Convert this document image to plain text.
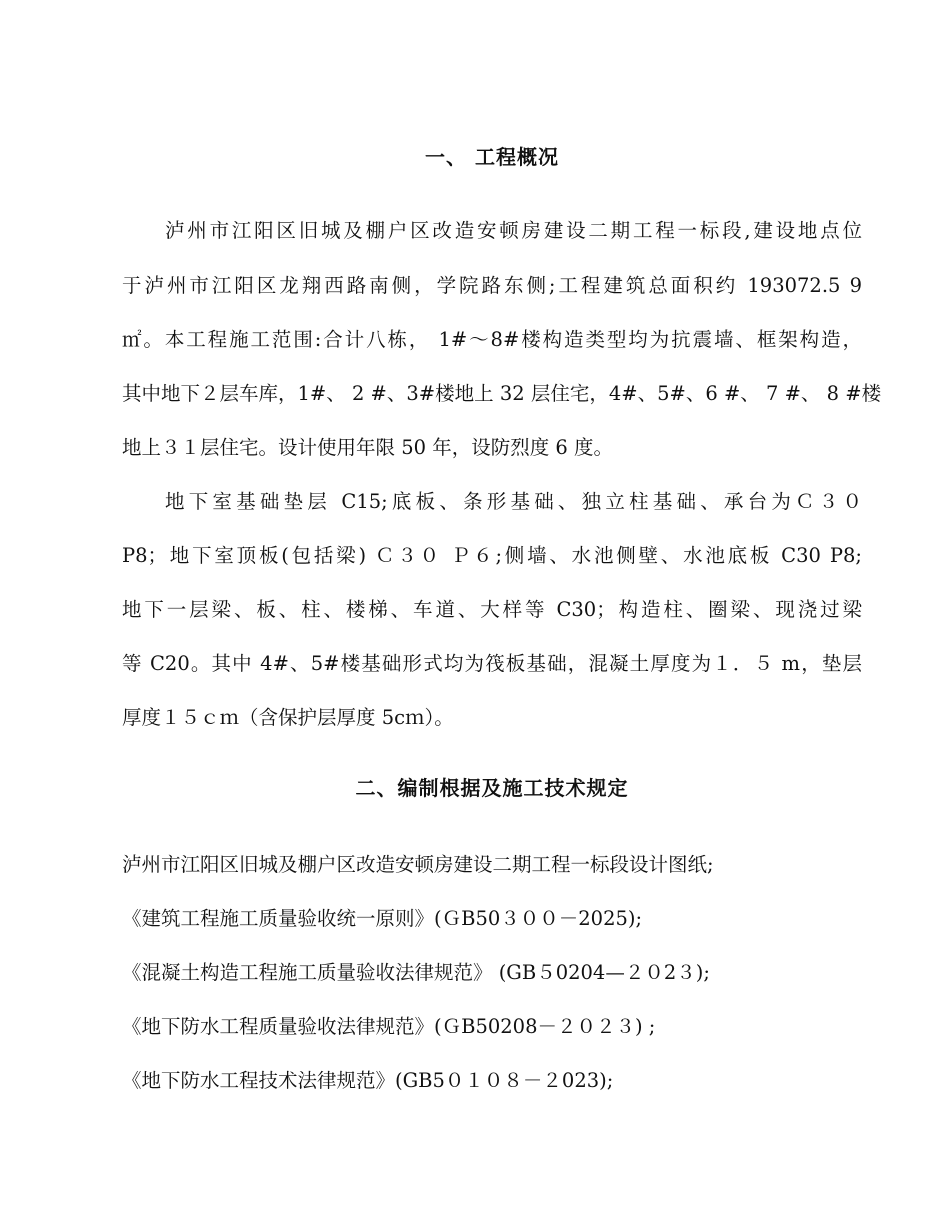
一、 工程概况
泸州市江阳区旧城及棚户区改造安顿房建设二期工程一标段,建设地点位
于泸州市江阳区龙翔西路南侧，学院路东侧;工程建筑总面积约 193072.5 9
㎡。本工程施工范围:合计八栋， 1#～8#楼构造类型均为抗震墙、框架构造，
其中地下２层车库，1#、 2 #、3#楼地上 32 层住宅，4#、5#、6 #、 7 #、 8 #楼
地上３１层住宅。设计使用年限 50 年，设防烈度 6 度。
地下室基础垫层 C15;底板、条形基础、独立柱基础、承台为Ｃ３０
P8；地下室顶板(包括梁) Ｃ３０ Ｐ６;侧墙、水池侧壁、水池底板 C30 P8;
地下一层梁、板、柱、楼梯、车道、大样等 C30；构造柱、圈梁、现浇过梁
等 C20。其中 4#、5#楼基础形式均为筏板基础，混凝土厚度为１．５ m，垫层
厚度１５ｃｍ（含保护层厚度 5cｍ）。
二、编制根据及施工技术规定
泸州市江阳区旧城及棚户区改造安顿房建设二期工程一标段设计图纸;
《建筑工程施工质量验收统一原则》(ＧB50３００－2025);
《混凝土构造工程施工质量验收法律规范》 (GB５0204—２０2３);
《地下防水工程质量验收法律规范》(ＧB50208－２０２３) ;
《地下防水工程技术法律规范》(GB5０１０８－２023);
